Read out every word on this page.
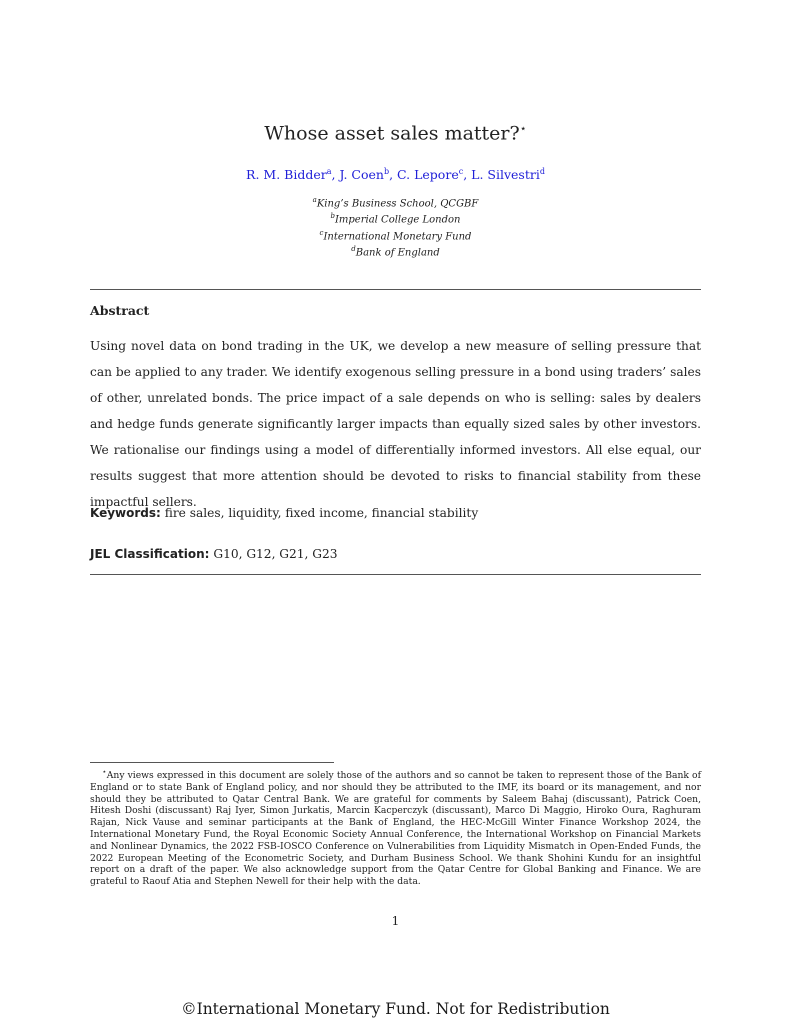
Whose asset sales matter?⋆
R. M. Bidder$^a$, J. Coen$^b$, C. Lepore$^c$, L. Silvestri$^d$
$^a$King’s Business School, QCGBF
$^b$Imperial College London
$^c$International Monetary Fund
$^d$Bank of England
Abstract
Using novel data on bond trading in the UK, we develop a new measure of selling pressure that can be applied to any trader. We identify exogenous selling pressure in a bond using traders’ sales of other, unrelated bonds. The price impact of a sale depends on who is selling: sales by dealers and hedge funds generate significantly larger impacts than equally sized sales by other investors. We rationalise our findings using a model of differentially informed investors. All else equal, our results suggest that more attention should be devoted to risks to financial stability from these impactful sellers.
Keywords: fire sales, liquidity, fixed income, financial stability
JEL Classification: G10, G12, G21, G23
⋆Any views expressed in this document are solely those of the authors and so cannot be taken to represent those of the Bank of England or to state Bank of England policy, and nor should they be attributed to the IMF, its board or its management, and nor should they be attributed to Qatar Central Bank. We are grateful for comments by Saleem Bahaj (discussant), Patrick Coen, Hitesh Doshi (discussant) Raj Iyer, Simon Jurkatis, Marcin Kacperczyk (discussant), Marco Di Maggio, Hiroko Oura, Raghuram Rajan, Nick Vause and seminar participants at the Bank of England, the HEC-McGill Winter Finance Workshop 2024, the International Monetary Fund, the Royal Economic Society Annual Conference, the International Workshop on Financial Markets and Nonlinear Dynamics, the 2022 FSB-IOSCO Conference on Vulnerabilities from Liquidity Mismatch in Open-Ended Funds, the 2022 European Meeting of the Econometric Society, and Durham Business School. We thank Shohini Kundu for an insightful report on a draft of the paper. We also acknowledge support from the Qatar Centre for Global Banking and Finance. We are grateful to Raouf Atia and Stephen Newell for their help with the data.
1
©International Monetary Fund. Not for Redistribution
